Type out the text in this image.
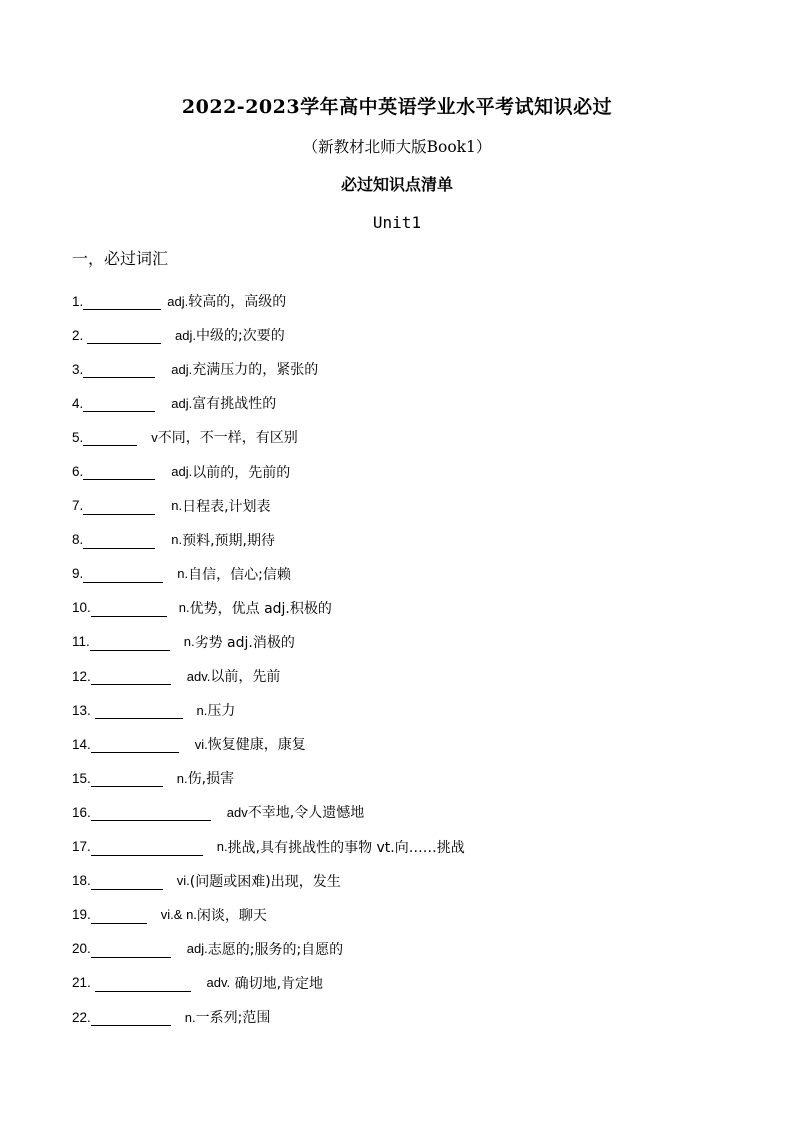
2022-2023学年高中英语学业水平考试知识必过
（新教材北师大版Book1）
必过知识点清单
Unit1
一，必过词汇
1.	adj. 较高的，高级的
2.	adj. 中级的;次要的
3.	adj. 充满压力的，紧张的
4.	adj. 富有挑战性的
5.	v 不同，不一样，有区别
6.	adj. 以前的，先前的
7.	n. 日程表,计划表
8.	n. 预料,预期,期待
9.	n. 自信，信心;信赖
10.	n. 优势，优点 adj.积极的
11.	n. 劣势 adj.消极的
12.	adv. 以前，先前
13.	n. 压力
14.	vi. 恢复健康，康复
15.	n. 伤,损害
16.	adv 不幸地,令人遗憾地
17.	n. 挑战,具有挑战性的事物 vt.向……挑战
18.	vi. (问题或困难)出现，发生
19.	vi.& n. 闲谈，聊天
20.	adj. 志愿的;服务的;自愿的
21.	adv. 确切地,肯定地
22.	n. 一系列;范围
